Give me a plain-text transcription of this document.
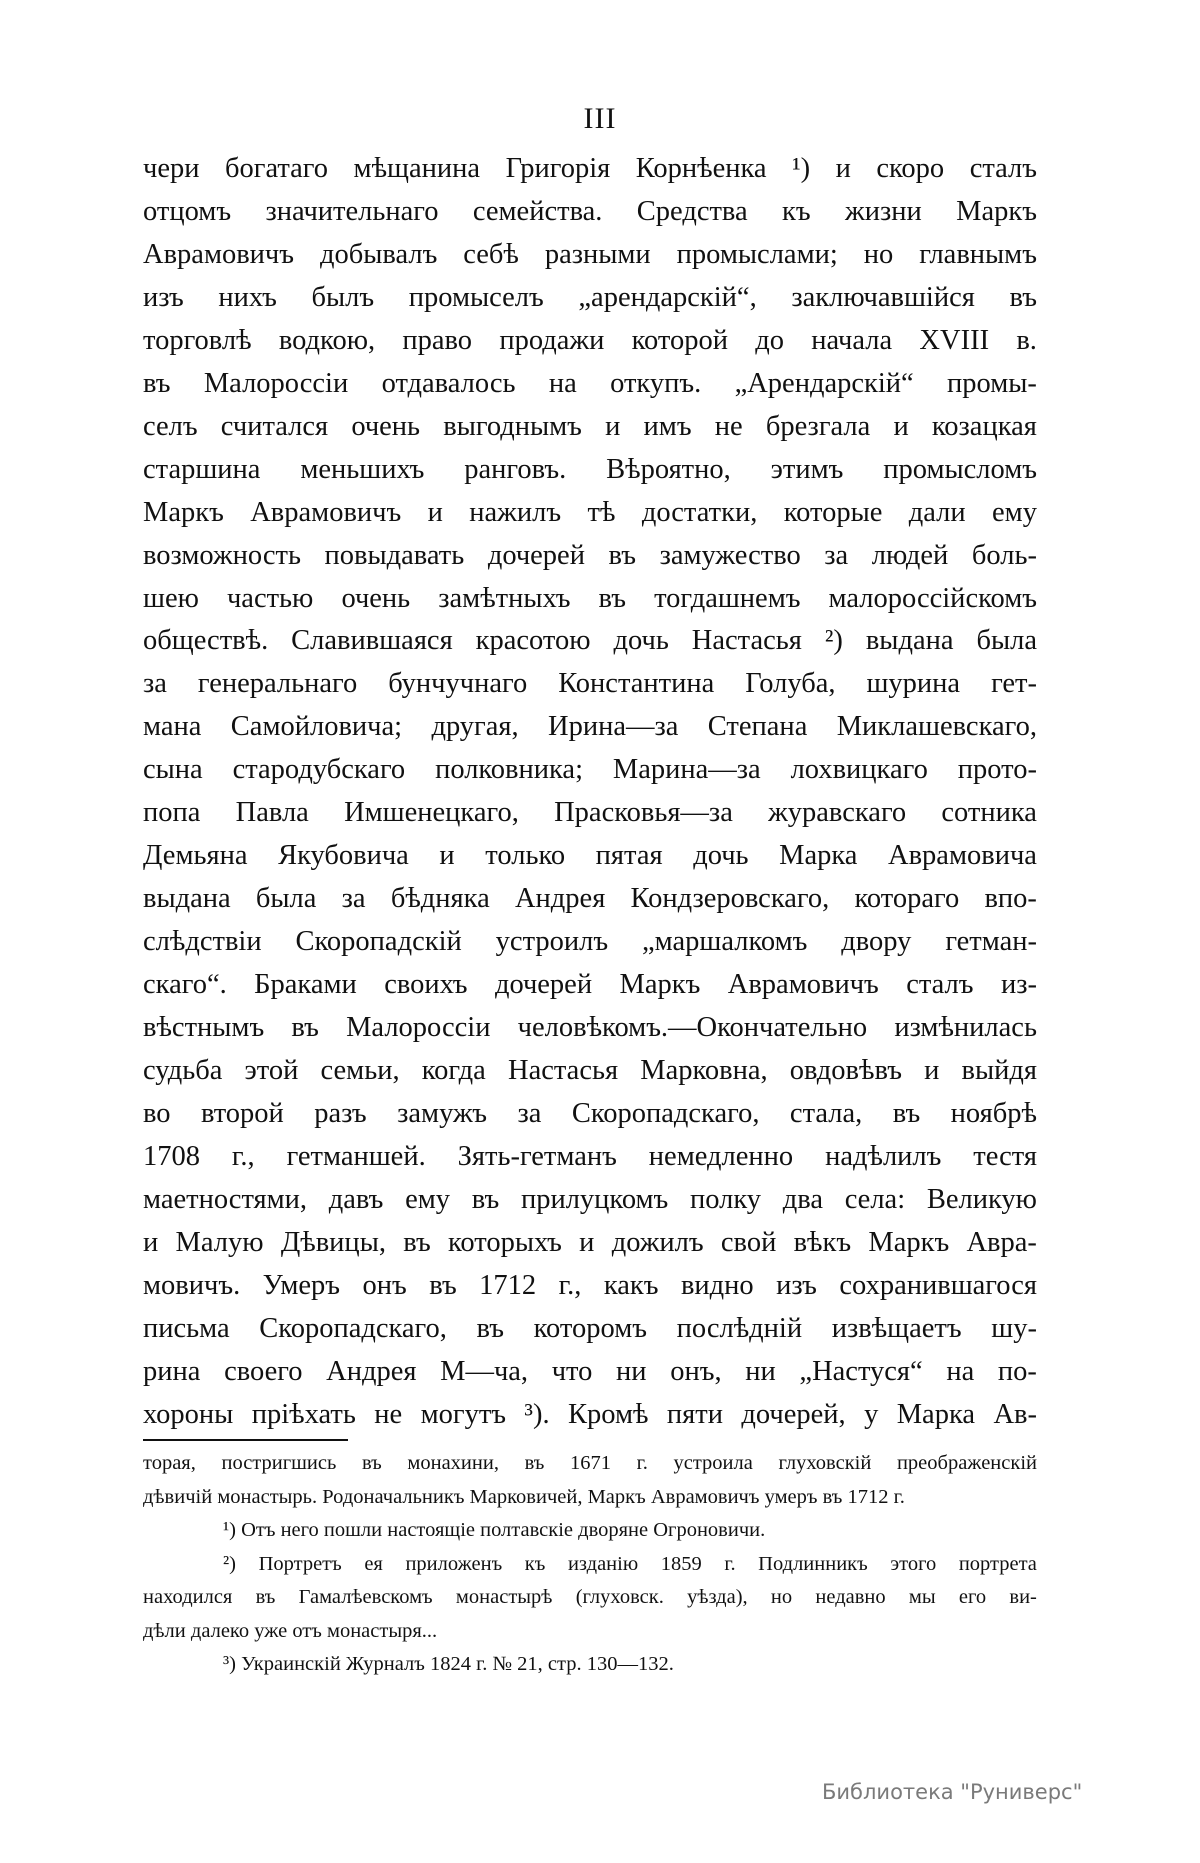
III
чери богатаго мѣщанина Григорія Корнѣенка ¹) и скоро сталъ
отцомъ значительнаго семейства. Средства къ жизни Маркъ
Аврамовичъ добывалъ себѣ разными промыслами; но главнымъ
изъ нихъ былъ промыселъ „арендарскій“, заключавшійся въ
торговлѣ водкою, право продажи которой до начала XVIII в.
въ Малороссіи отдавалось на откупъ. „Арендарскій“ промы-
селъ считался очень выгоднымъ и имъ не брезгала и козацкая
старшина меньшихъ ранговъ. Вѣроятно, этимъ промысломъ
Маркъ Аврамовичъ и нажилъ тѣ достатки, которые дали ему
возможность повыдавать дочерей въ замужество за людей боль-
шею частью очень замѣтныхъ въ тогдашнемъ малороссійскомъ
обществѣ. Славившаяся красотою дочь Настасья ²) выдана была
за генеральнаго бунчучнаго Константина Голуба, шурина гет-
мана Самойловича; другая, Ирина—за Степана Миклашевскаго,
сына стародубскаго полковника; Марина—за лохвицкаго прото-
попа Павла Имшенецкаго, Прасковья—за журавскаго сотника
Демьяна Якубовича и только пятая дочь Марка Аврамовича
выдана была за бѣдняка Андрея Кондзеровскаго, котораго впо-
слѣдствіи Скоропадскій устроилъ „маршалкомъ двору гетман-
скаго“. Браками своихъ дочерей Маркъ Аврамовичъ сталъ из-
вѣстнымъ въ Малороссіи человѣкомъ.—Окончательно измѣнилась
судьба этой семьи, когда Настасья Марковна, овдовѣвъ и выйдя
во второй разъ замужъ за Скоропадскаго, стала, въ ноябрѣ
1708 г., гетманшей. Зять-гетманъ немедленно надѣлилъ тестя
маетностями, давъ ему въ прилуцкомъ полку два села: Великую
и Малую Дѣвицы, въ которыхъ и дожилъ свой вѣкъ Маркъ Авра-
мовичъ. Умеръ онъ въ 1712 г., какъ видно изъ сохранившагося
письма Скоропадскаго, въ которомъ послѣдній извѣщаетъ шу-
рина своего Андрея М—ча, что ни онъ, ни „Настуся“ на по-
хороны пріѣхать не могутъ ³). Кромѣ пяти дочерей, у Марка Ав-
торая, постригшись въ монахини, въ 1671 г. устроила глуховскій преображенскій
дѣвичій монастырь. Родоначальникъ Марковичей, Маркъ Аврамовичъ умеръ въ 1712 г.
¹) Отъ него пошли настоящіе полтавскіе дворяне Огроновичи.
²) Портретъ ея приложенъ къ изданію 1859 г. Подлинникъ этого портрета
находился въ Гамалѣевскомъ монастырѣ (глуховск. уѣзда), но недавно мы его ви-
дѣли далеко уже отъ монастыря...
³) Украинскій Журналъ 1824 г. № 21, стр. 130—132.
Библиотека "Руниверс"
